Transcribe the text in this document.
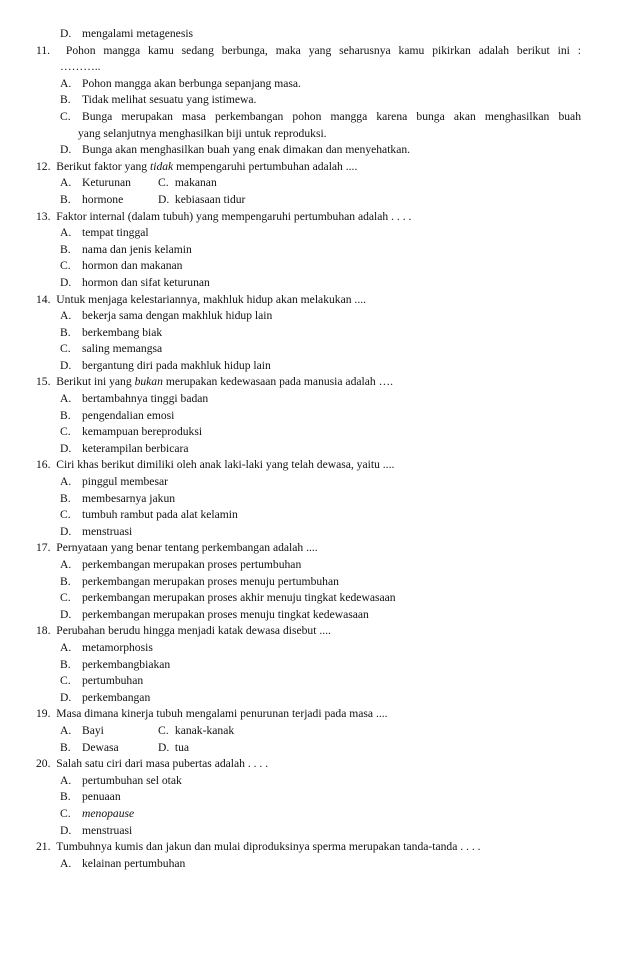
D. mengalami metagenesis
11. Pohon mangga kamu sedang berbunga, maka yang seharusnya kamu pikirkan adalah berikut ini :
………..
A. Pohon mangga akan berbunga sepanjang masa.
B. Tidak melihat sesuatu yang istimewa.
C. Bunga merupakan masa perkembangan pohon mangga karena bunga akan menghasilkan buah
yang selanjutnya menghasilkan biji untuk reproduksi.
D. Bunga akan menghasilkan buah yang enak dimakan dan menyehatkan.
12. Berikut faktor yang tidak mempengaruhi pertumbuhan adalah ....
A. Keturunan C. makanan
B. hormone	D. kebiasaan tidur
13. Faktor internal (dalam tubuh) yang mempengaruhi pertumbuhan adalah . . . .
A. tempat tinggal
B. nama dan jenis kelamin
C. hormon dan makanan
D. hormon dan sifat keturunan
14. Untuk menjaga kelestariannya, makhluk hidup akan melakukan ....
A. bekerja sama dengan makhluk hidup lain
B. berkembang biak
C. saling memangsa
D. bergantung diri pada makhluk hidup lain
15. Berikut ini yang bukan merupakan kedewasaan pada manusia adalah ….
A. bertambahnya tinggi badan
B. pengendalian emosi
C. kemampuan bereproduksi
D. keterampilan berbicara
16. Ciri khas berikut dimiliki oleh anak laki-laki yang telah dewasa, yaitu ....
A. pinggul membesar
B. membesarnya jakun
C. tumbuh rambut pada alat kelamin
D. menstruasi
17. Pernyataan yang benar tentang perkembangan adalah ....
A. perkembangan merupakan proses pertumbuhan
B. perkembangan merupakan proses menuju pertumbuhan
C. perkembangan merupakan proses akhir menuju tingkat kedewasaan
D. perkembangan merupakan proses menuju tingkat kedewasaan
18. Perubahan berudu hingga menjadi katak dewasa disebut ....
A. metamorphosis
B. perkembangbiakan
C. pertumbuhan
D. perkembangan
19. Masa dimana kinerja tubuh mengalami penurunan terjadi pada masa ....
A. Bayi	C. kanak-kanak
B. Dewasa	D. tua
20. Salah satu ciri dari masa pubertas adalah . . . .
A. pertumbuhan sel otak
B. penuaan
C. menopause
D. menstruasi
21. Tumbuhnya kumis dan jakun dan mulai diproduksinya sperma merupakan tanda-tanda . . . .
A. kelainan pertumbuhan
